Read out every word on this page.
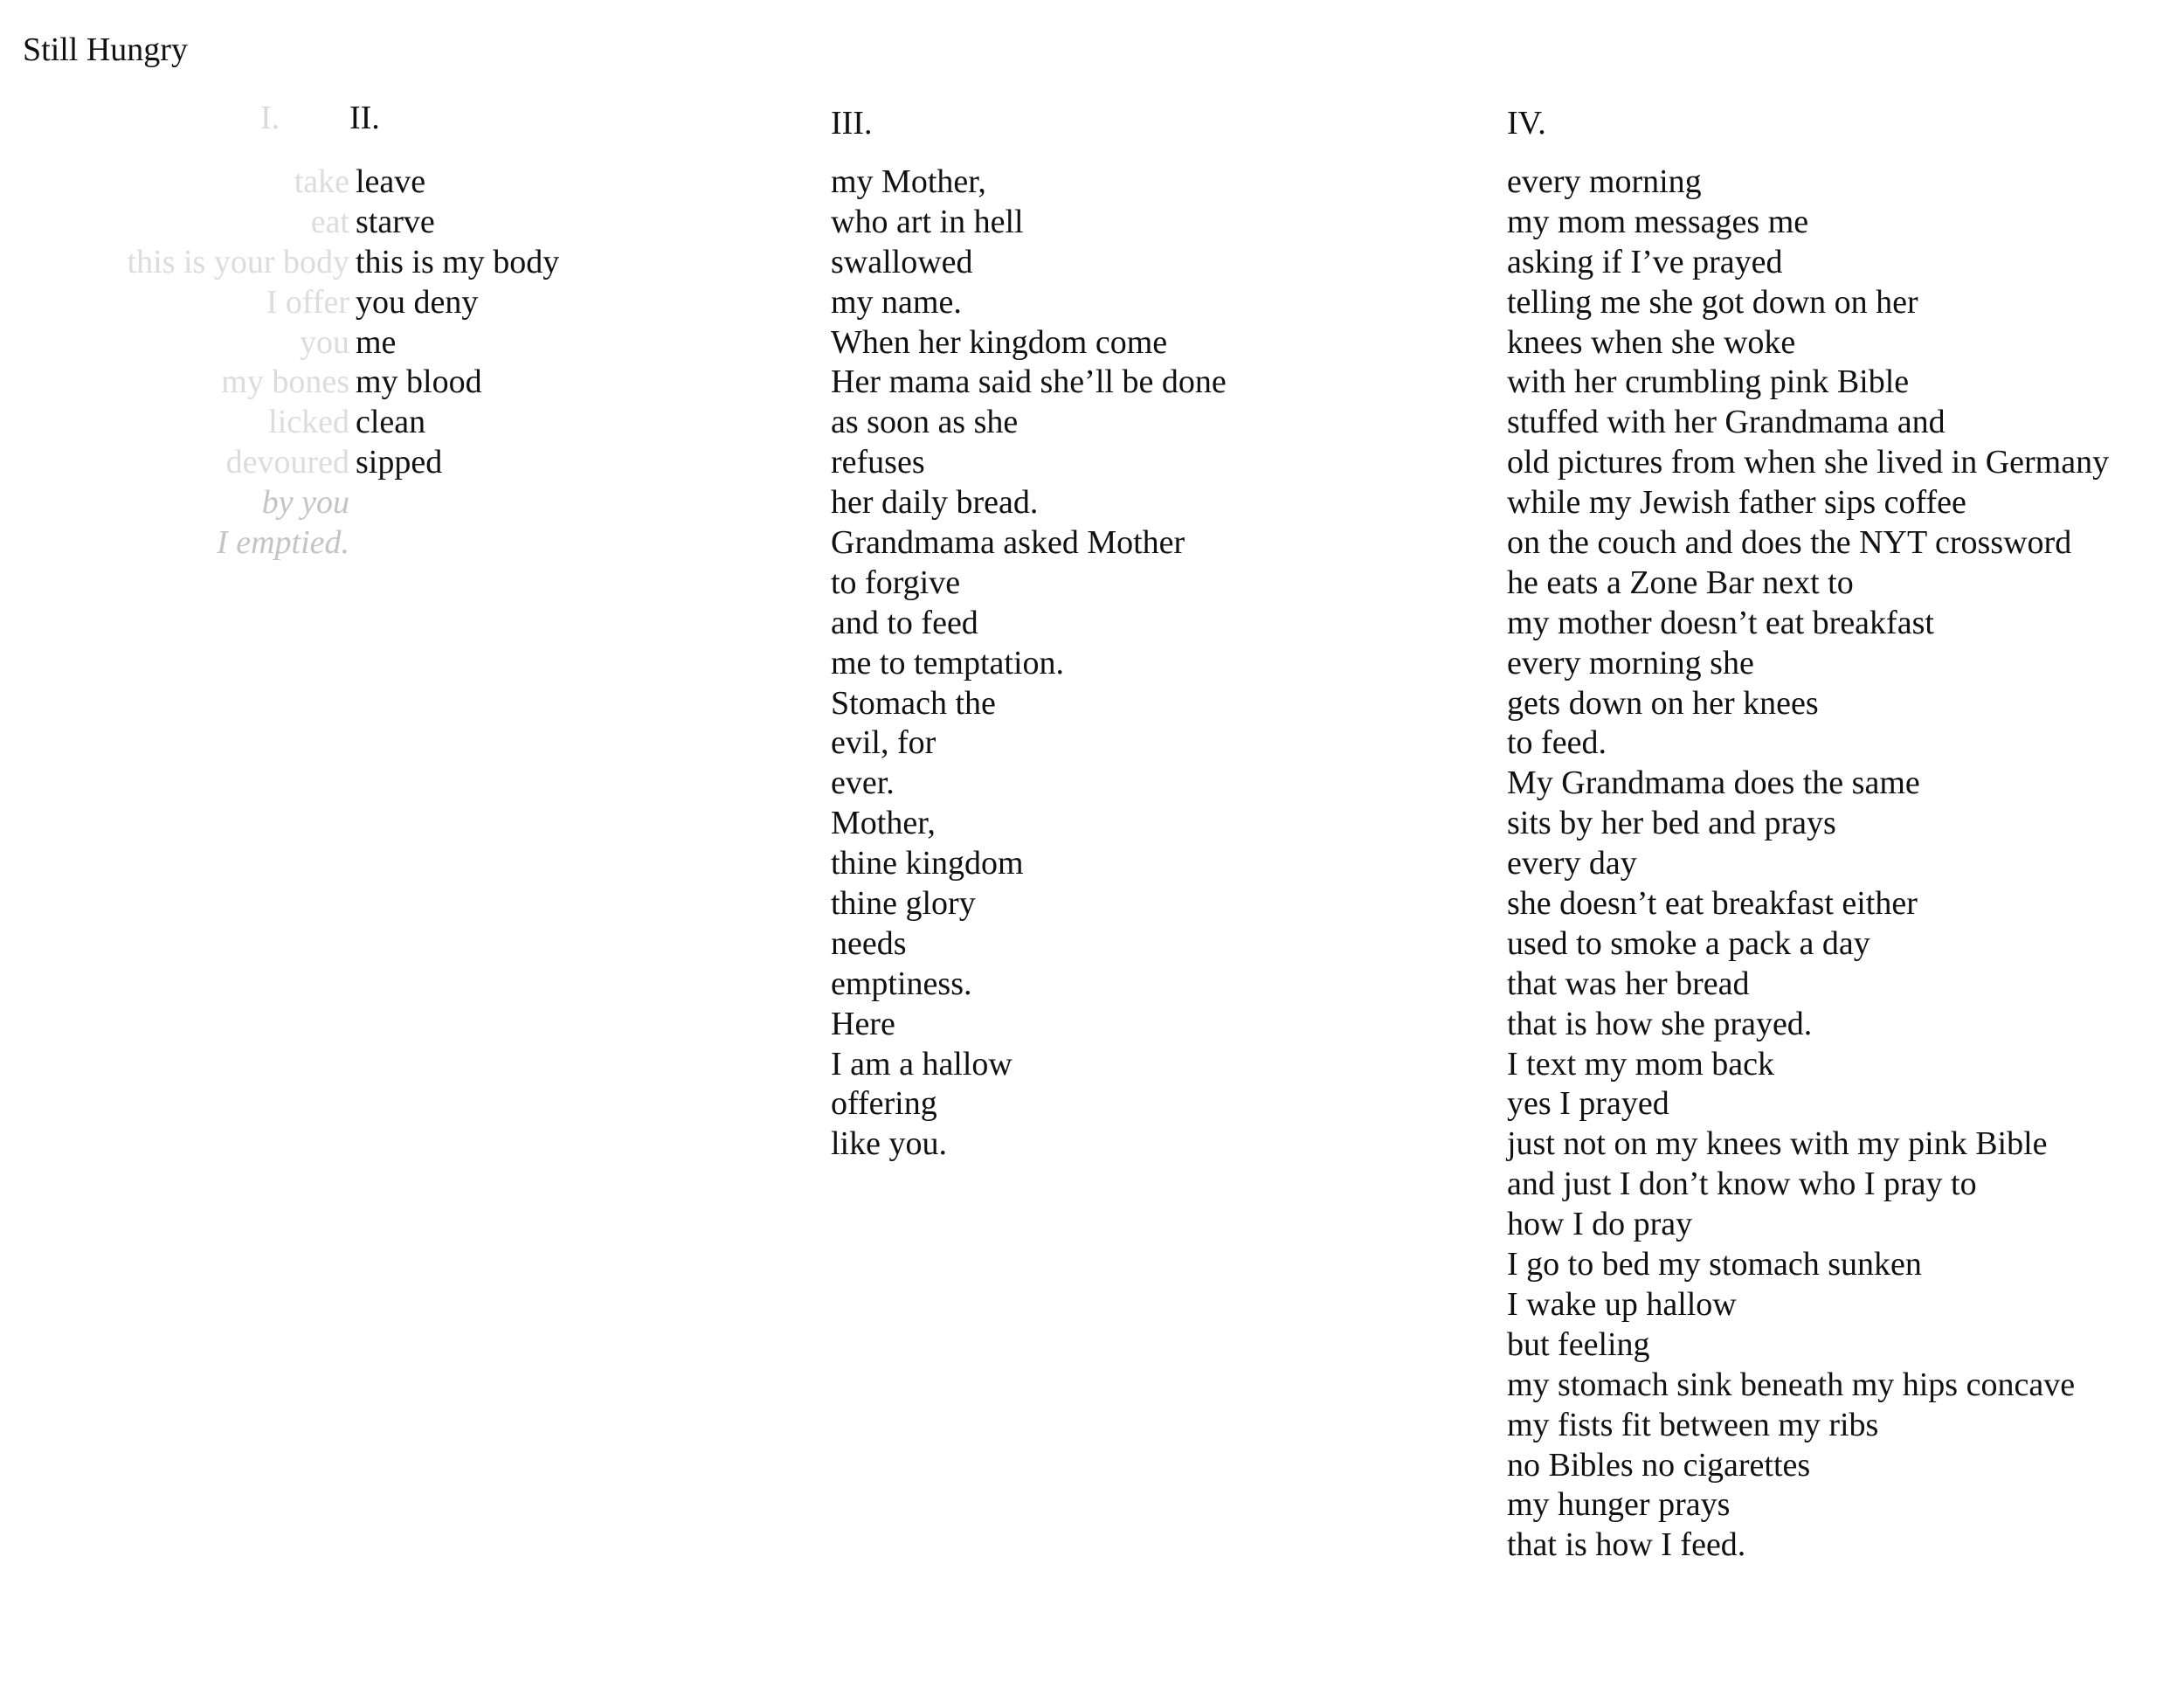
Still Hungry
I. II.	III.	IV.
take
eat
this is your body
I offer
you
my bones
licked
devoured
by you
I emptied.
leave
starve
this is my body
you deny
me
my blood
clean
sipped
my Mother,
who art in hell
swallowed
my name.
When her kingdom come
Her mama said she’ll be done
as soon as she
refuses
her daily bread.
Grandmama asked Mother
to forgive
and to feed
me to temptation.
Stomach the
evil, for
ever.
Mother,
thine kingdom
thine glory
needs
emptiness.
Here
I am a hallow
offering
like you.
every morning
my mom messages me
asking if I’ve prayed
telling me she got down on her
knees when she woke
with her crumbling pink Bible
stuffed with her Grandmama and
old pictures from when she lived in Germany
while my Jewish father sips coffee
on the couch and does the NYT crossword
he eats a Zone Bar next to
my mother doesn’t eat breakfast
every morning she
gets down on her knees
to feed.
My Grandmama does the same
sits by her bed and prays
every day
she doesn’t eat breakfast either
used to smoke a pack a day
that was her bread
that is how she prayed.
I text my mom back
yes I prayed
just not on my knees with my pink Bible
and just I don’t know who I pray to
how I do pray
I go to bed my stomach sunken
I wake up hallow
but feeling
my stomach sink beneath my hips concave
my fists fit between my ribs
no Bibles no cigarettes
my hunger prays
that is how I feed.
